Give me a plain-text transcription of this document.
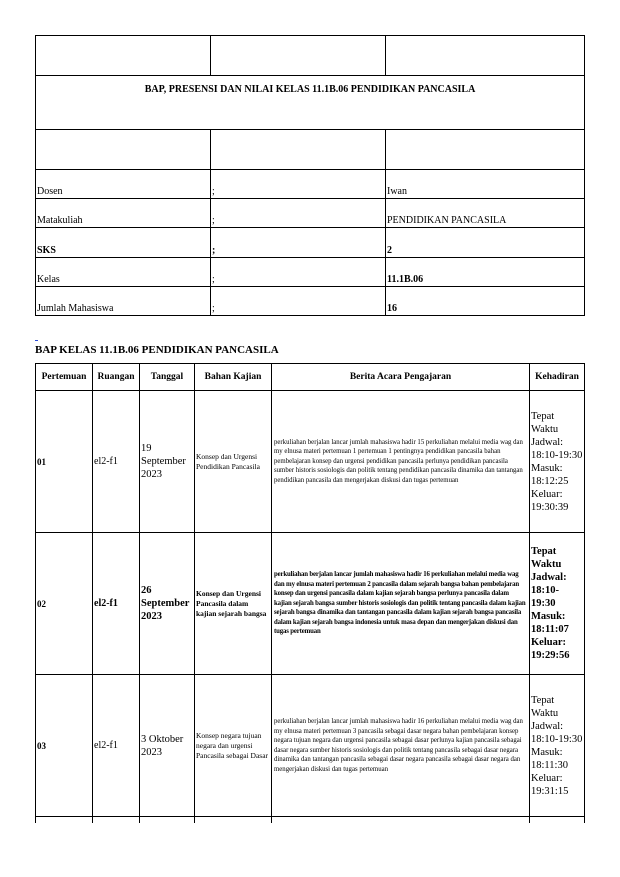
BAP, PRESENSI DAN NILAI KELAS 11.1B.06 PENDIDIKAN PANCASILA		

Dosen	;	Iwan
Matakuliah	;	PENDIDIKAN PANCASILA
SKS	;	2
Kelas	;	11.1B.06
Jumlah Mahasiswa	;	16
BAP KELAS 11.1B.06 PENDIDIKAN PANCASILA
Pertemuan	Ruangan	Tanggal	Bahan Kajian	Berita Acara Pengajaran	Kehadiran
01	el2-f1	19 September 2023	Konsep dan Urgensi Pendidikan Pancasila	perkuliahan berjalan lancar jumlah mahasiswa hadir 15 perkuliahan melalui media wag dan my elnusa materi pertemuan 1 pertemuan 1 pentingnya pendidikan pancasila bahan pembelajaran konsep dan urgensi pendidikan pancasila perlunya pendidikan pancasila sumber historis sosiologis dan politik tentang pendidikan pancasila dinamika dan tantangan pendidikan pancasila dan mengerjakan diskusi dan tugas pertemuan	Tepat Waktu Jadwal: 18:10-19:30 Masuk: 18:12:25 Keluar: 19:30:39
02	el2-f1	26 September 2023	Konsep dan Urgensi Pancasila dalam kajian sejarah bangsa	perkuliahan berjalan lancar jumlah mahasiswa hadir 16 perkuliahan melalui media wag dan my elnusa materi pertemuan 2 pancasila dalam sejarah bangsa bahan pembelajaran konsep dan urgensi pancasila dalam kajian sejarah bangsa perlunya pancasila dalam kajian sejarah bangsa sumber historis sosiologis dan politik tentang pancasila dalam kajian sejarah bangsa dinamika dan tantangan pancasila dalam kajian sejarah bangsa pancasila dalam kajian sejarah bangsa indonesia untuk masa depan dan mengerjakan diskusi dan tugas pertemuan	Tepat Waktu Jadwal: 18:10-19:30 Masuk: 18:11:07 Keluar: 19:29:56
03	el2-f1	3 Oktober 2023	Konsep negara tujuan negara dan urgensi Pancasila sebagai Dasar	perkuliahan berjalan lancar jumlah mahasiswa hadir 16 perkuliahan melalui media wag dan my elnusa materi pertemuan 3 pancasila sebagai dasar negara bahan pembelajaran konsep negara tujuan negara dan urgensi pancasila sebagai dasar perlunya kajian pancasila sebagai dasar negara sumber historis sosiologis dan politik tentang pancasila sebagai dasar negara dinamika dan tantangan pancasila sebagai dasar negara pancasila sebagai dasar negara dan mengerjakan diskusi dan tugas pertemuan	Tepat Waktu Jadwal: 18:10-19:30 Masuk: 18:11:30 Keluar: 19:31:15
